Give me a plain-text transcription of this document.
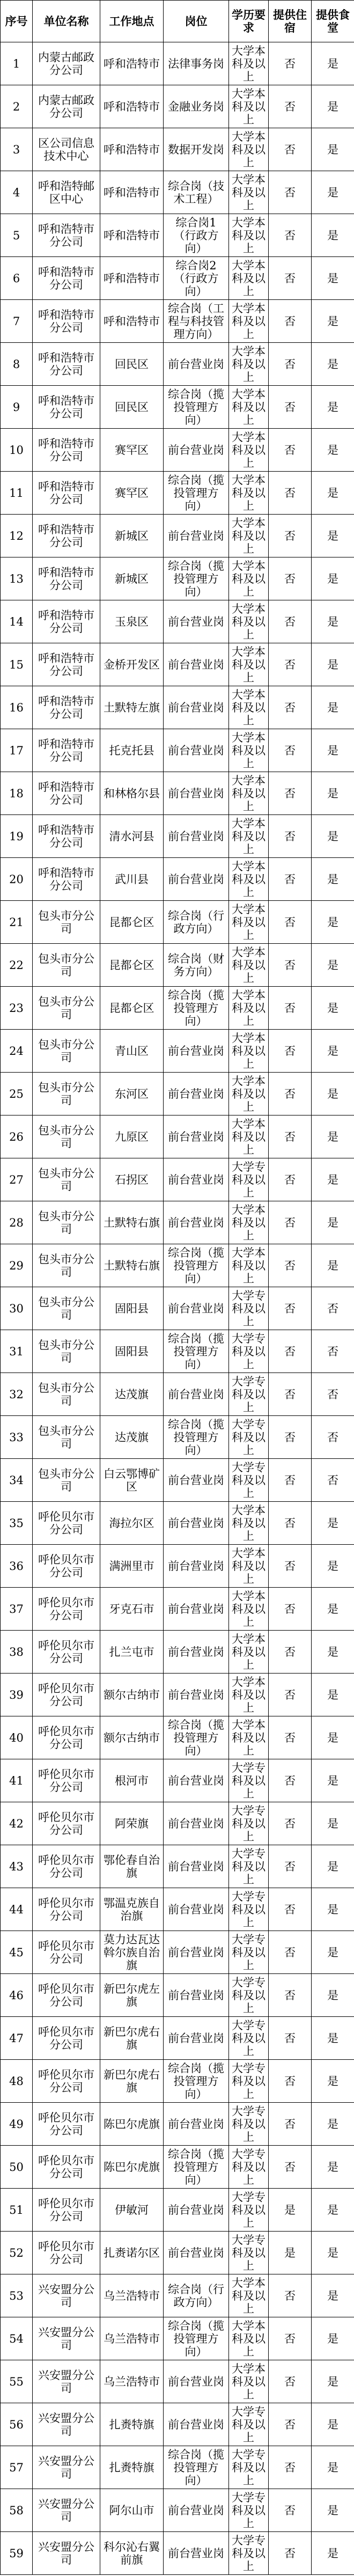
序号	单位名称	工作地点	岗位	学历要求	提供住宿	提供食堂
1	内蒙古邮政分公司	呼和浩特市	法律事务岗	大学本科及以上	否	是
2	内蒙古邮政分公司	呼和浩特市	金融业务岗	大学本科及以上	否	是
3	区公司信息技术中心	呼和浩特市	数据开发岗	大学本科及以上	否	是
4	呼和浩特邮区中心	呼和浩特市	综合岗（技术工程）	大学本科及以上	否	是
5	呼和浩特市分公司	呼和浩特市	综合岗1（行政方向）	大学本科及以上	否	是
6	呼和浩特市分公司	呼和浩特市	综合岗2（行政方向）	大学本科及以上	否	是
7	呼和浩特市分公司	呼和浩特市	综合岗（工程与科技管理方向）	大学本科及以上	否	是
8	呼和浩特市分公司	回民区	前台营业岗	大学本科及以上	否	是
9	呼和浩特市分公司	回民区	综合岗（揽投管理方向）	大学本科及以上	否	是
10	呼和浩特市分公司	赛罕区	前台营业岗	大学本科及以上	否	是
11	呼和浩特市分公司	赛罕区	综合岗（揽投管理方向）	大学本科及以上	否	是
12	呼和浩特市分公司	新城区	前台营业岗	大学本科及以上	否	是
13	呼和浩特市分公司	新城区	综合岗（揽投管理方向）	大学本科及以上	否	是
14	呼和浩特市分公司	玉泉区	前台营业岗	大学本科及以上	否	是
15	呼和浩特市分公司	金桥开发区	前台营业岗	大学本科及以上	否	是
16	呼和浩特市分公司	土默特左旗	前台营业岗	大学本科及以上	否	是
17	呼和浩特市分公司	托克托县	前台营业岗	大学本科及以上	否	是
18	呼和浩特市分公司	和林格尔县	前台营业岗	大学本科及以上	否	是
19	呼和浩特市分公司	清水河县	前台营业岗	大学本科及以上	否	是
20	呼和浩特市分公司	武川县	前台营业岗	大学本科及以上	否	是
21	包头市分公司	昆都仑区	综合岗（行政方向）	大学本科及以上	否	是
22	包头市分公司	昆都仑区	综合岗（财务方向）	大学本科及以上	否	是
23	包头市分公司	昆都仑区	综合岗（揽投管理方向）	大学本科及以上	否	是
24	包头市分公司	青山区	前台营业岗	大学本科及以上	否	是
25	包头市分公司	东河区	前台营业岗	大学本科及以上	否	是
26	包头市分公司	九原区	前台营业岗	大学本科及以上	否	是
27	包头市分公司	石拐区	前台营业岗	大学专科及以上	否	是
28	包头市分公司	土默特右旗	前台营业岗	大学本科及以上	否	是
29	包头市分公司	土默特右旗	综合岗（揽投管理方向）	大学本科及以上	否	是
30	包头市分公司	固阳县	前台营业岗	大学专科及以上	否	否
31	包头市分公司	固阳县	综合岗（揽投管理方向）	大学专科及以上	否	否
32	包头市分公司	达茂旗	前台营业岗	大学专科及以上	否	否
33	包头市分公司	达茂旗	综合岗（揽投管理方向）	大学专科及以上	否	否
34	包头市分公司	白云鄂博矿区	前台营业岗	大学专科及以上	否	否
35	呼伦贝尔市分公司	海拉尔区	前台营业岗	大学本科及以上	否	是
36	呼伦贝尔市分公司	满洲里市	前台营业岗	大学本科及以上	否	是
37	呼伦贝尔市分公司	牙克石市	前台营业岗	大学本科及以上	否	是
38	呼伦贝尔市分公司	扎兰屯市	前台营业岗	大学本科及以上	否	是
39	呼伦贝尔市分公司	额尔古纳市	前台营业岗	大学本科及以上	否	是
40	呼伦贝尔市分公司	额尔古纳市	综合岗（揽投管理方向）	大学本科及以上	否	是
41	呼伦贝尔市分公司	根河市	前台营业岗	大学专科及以上	否	是
42	呼伦贝尔市分公司	阿荣旗	前台营业岗	大学专科及以上	否	是
43	呼伦贝尔市分公司	鄂伦春自治旗	前台营业岗	大学专科及以上	否	是
44	呼伦贝尔市分公司	鄂温克族自治旗	前台营业岗	大学专科及以上	否	是
45	呼伦贝尔市分公司	莫力达瓦达斡尔族自治旗	前台营业岗	大学专科及以上	否	是
46	呼伦贝尔市分公司	新巴尔虎左旗	前台营业岗	大学专科及以上	否	是
47	呼伦贝尔市分公司	新巴尔虎右旗	前台营业岗	大学专科及以上	否	是
48	呼伦贝尔市分公司	新巴尔虎右旗	综合岗（揽投管理方向）	大学专科及以上	否	是
49	呼伦贝尔市分公司	陈巴尔虎旗	前台营业岗	大学专科及以上	否	是
50	呼伦贝尔市分公司	陈巴尔虎旗	综合岗（揽投管理方向）	大学专科及以上	否	是
51	呼伦贝尔市分公司	伊敏河	前台营业岗	大学专科及以上	是	是
52	呼伦贝尔市分公司	扎赉诺尔区	前台营业岗	大学专科及以上	是	是
53	兴安盟分公司	乌兰浩特市	综合岗（行政方向）	大学本科及以上	否	是
54	兴安盟分公司	乌兰浩特市	综合岗（揽投管理方向）	大学本科及以上	否	是
55	兴安盟分公司	乌兰浩特市	前台营业岗	大学本科及以上	否	是
56	兴安盟分公司	扎赉特旗	前台营业岗	大学专科及以上	否	是
57	兴安盟分公司	扎赉特旗	综合岗（揽投管理方向）	大学专科及以上	否	是
58	兴安盟分公司	阿尔山市	前台营业岗	大学专科及以上	否	是
59	兴安盟分公司	科尔沁右翼前旗	前台营业岗	大学专科及以上	否	是
